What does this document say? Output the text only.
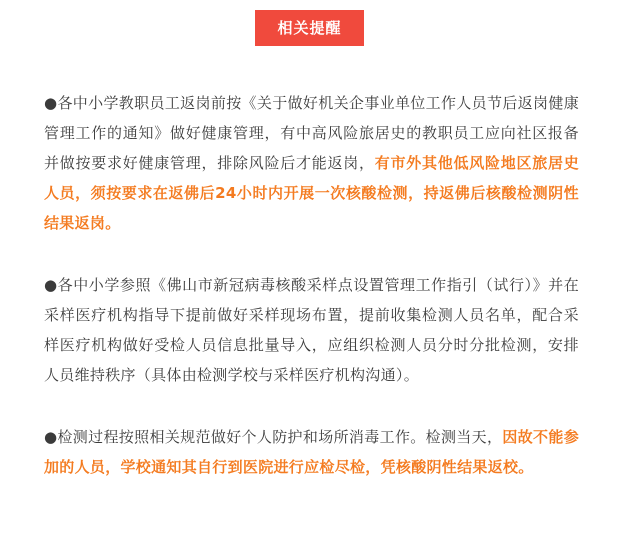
相关提醒

●各中小学教职员工返岗前按《关于做好机关企事业单位工作人员节后返岗健康管理工作的通知》做好健康管理，有中高风险旅居史的教职员工应向社区报备并做按要求好健康管理，排除风险后才能返岗，有市外其他低风险地区旅居史人员，须按要求在返佛后24小时内开展一次核酸检测，持返佛后核酸检测阴性结果返岗。

●各中小学参照《佛山市新冠病毒核酸采样点设置管理工作指引（试行）》并在采样医疗机构指导下提前做好采样现场布置，提前收集检测人员名单，配合采样医疗机构做好受检人员信息批量导入，应组织检测人员分时分批检测，安排人员维持秩序（具体由检测学校与采样医疗机构沟通）。

●检测过程按照相关规范做好个人防护和场所消毒工作。检测当天，因故不能参加的人员，学校通知其自行到医院进行应检尽检，凭核酸阴性结果返校。
